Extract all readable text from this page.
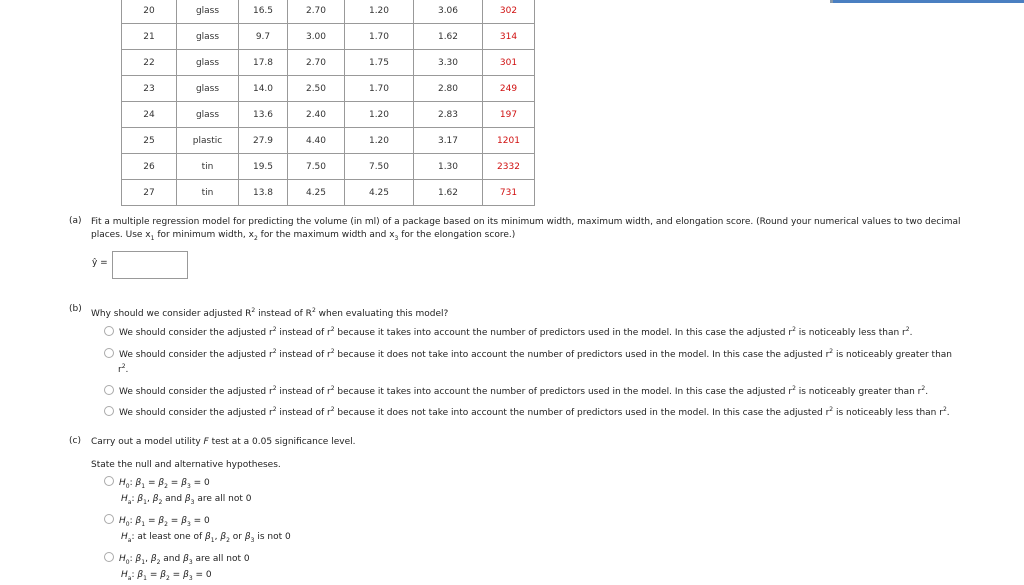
20	glass	16.5	2.70	1.20	3.06	302
21	glass	9.7	3.00	1.70	1.62	314
22	glass	17.8	2.70	1.75	3.30	301
23	glass	14.0	2.50	1.70	2.80	249
24	glass	13.6	2.40	1.20	2.83	197
25	plastic	27.9	4.40	1.20	3.17	1201
26	tin	19.5	7.50	7.50	1.30	2332
27	tin	13.8	4.25	4.25	1.62	731
(a) Fit a multiple regression model for predicting the volume (in ml) of a package based on its minimum width, maximum width, and elongation score. (Round your numerical values to two decimal
places. Use $x_1$ for minimum width, $x_2$ for the maximum width and $x_3$ for the elongation score.)
ŷ =
(b) Why should we consider adjusted $R^2$ instead of $R^2$ when evaluating this model?
We should consider the adjusted $r^2$ instead of $r^2$ because it takes into account the number of predictors used in the model. In this case the adjusted $r^2$ is noticeably less than $r^2$.
We should consider the adjusted $r^2$ instead of $r^2$ because it does not take into account the number of predictors used in the model. In this case the adjusted $r^2$ is noticeably greater than
$r^2$.
We should consider the adjusted $r^2$ instead of $r^2$ because it takes into account the number of predictors used in the model. In this case the adjusted $r^2$ is noticeably greater than $r^2$.
We should consider the adjusted $r^2$ instead of $r^2$ because it does not take into account the number of predictors used in the model. In this case the adjusted $r^2$ is noticeably less than $r^2$.
(c) Carry out a model utility F test at a 0.05 significance level.
State the null and alternative hypotheses.
$H_0$: $\beta_1 = \beta_2 = \beta_3 = 0$
$H_a$: $\beta_1$, $\beta_2$ and $\beta_3$ are all not 0
$H_0$: $\beta_1 = \beta_2 = \beta_3 = 0$
$H_a$: at least one of $\beta_1$, $\beta_2$ or $\beta_3$ is not 0
$H_0$: $\beta_1$, $\beta_2$ and $\beta_3$ are all not 0
$H_a$: $\beta_1 = \beta_2 = \beta_3 = 0$
